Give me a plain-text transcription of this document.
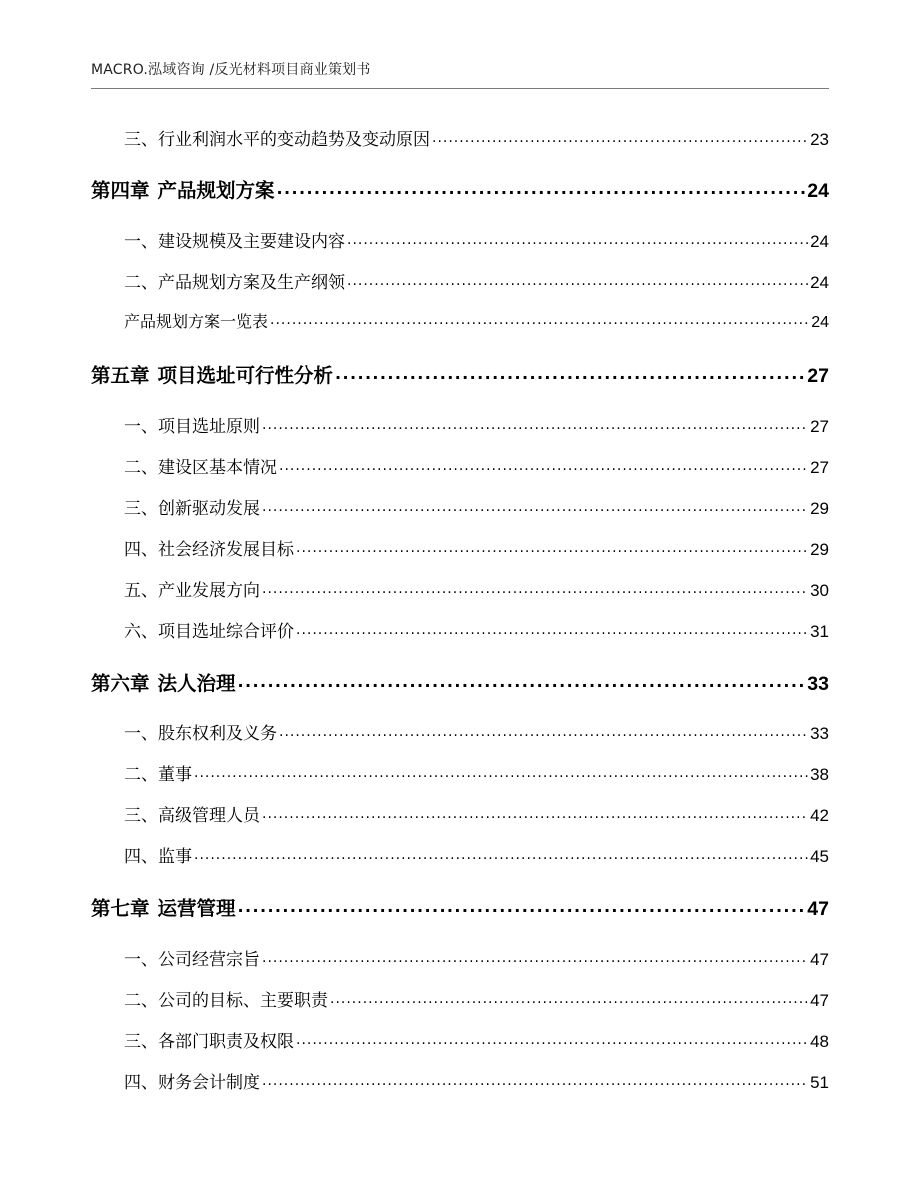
MACRO.泓域咨询 /反光材料项目商业策划书
三、 行业利润水平的变动趋势及变动原因 .....	23
第四章 产品规划方案 .....	24
一、 建设规模及主要建设内容 .....	24
二、 产品规划方案及生产纲领 .....	24
产品规划方案一览表 .....	24
第五章 项目选址可行性分析 .....	27
一、 项目选址原则 .....	27
二、 建设区基本情况 .....	27
三、 创新驱动发展 .....	29
四、 社会经济发展目标 .....	29
五、 产业发展方向 .....	30
六、 项目选址综合评价 .....	31
第六章 法人治理 .....	33
一、 股东权利及义务 .....	33
二、 董事 .....	38
三、 高级管理人员 .....	42
四、 监事 .....	45
第七章 运营管理 .....	47
一、 公司经营宗旨 .....	47
二、 公司的目标、主要职责 .....	47
三、 各部门职责及权限 .....	48
四、 财务会计制度 .....	51
